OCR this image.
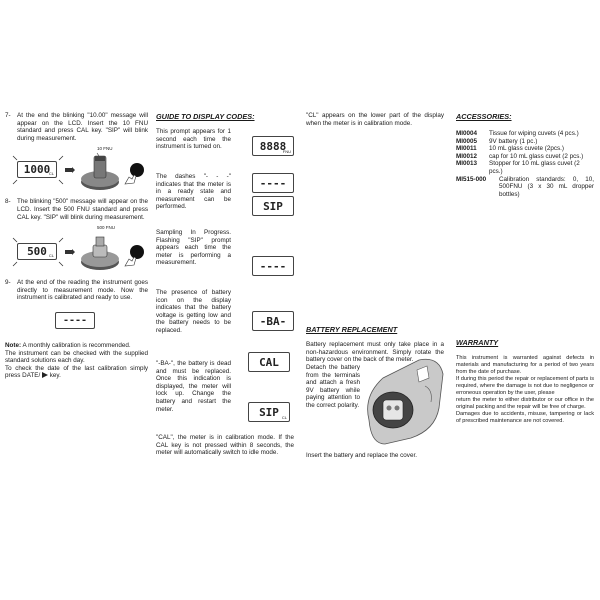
7- At the end the blinking "10.00" message will appear on the LCD. Insert the 10 FNU standard and press CAL key. "SIP" will blink during measurement.

1000
CL
10 FNU
8- The blinking "500" message will appear on the LCD. Insert the 500 FNU standard and press CAL key. "SIP" will blink during measurement.

500 CL
500 FNU
9- At the end of the reading the instrument goes directly to measurement mode. Now the instrument is calibrated and ready to use.

----

Note: A monthly calibration is recommended.

The instrument can be checked with the supplied standard solutions each day.

To check the date of the last calibration simply press DATE/ key.

GUIDE TO DISPLAY CODES:

This prompt appears for 1 second each time the instrument is turned on.	8888
FNU

The dashes "- - -" indicates that the meter is in a ready state and measurement can be performed.

----

Sampling In Progress. Flashing "SIP" prompt appears each time the meter is performing a measurement.

SIP

The presence of battery icon on the display indicates that the battery voltage is getting low and the battery needs to be replaced.

----

"-BA-", the battery is dead and must be replaced. Once this indication is displayed, the meter will lock up. Change the battery and restart the meter.

-BA-

"CAL", the meter is in calibration mode. If the CAL key is not pressed within 8 seconds, the meter will automatically switch to idle mode.

CAL
SIP CL

"CL" appears on the lower part of the display when the meter is in calibration mode.

BATTERY REPLACEMENT

Battery replacement must only take place in a non-hazardous environment. Simply rotate the battery cover on the back of the meter.

Detach the battery from the terminals and attach a fresh 9V battery while paying attention to the correct polarity.

Insert the battery and replace the cover.

ACCESSORIES:

MI0004	Tissue for wiping cuvets (4 pcs.)
MI0005	9V battery (1 pc.)
MI0011	10 mL glass cuvete (2pcs.)
MI0012	cap for 10 mL glass cuvet (2 pcs.)
MI0013	Stopper for 10 mL glass cuvet (2 pcs.)
MI515-000	Calibration standards: 0, 10, 500FNU (3 x 30 mL dropper bottles)

WARRANTY

This instrument is warranted against defects in materials and manufacturing for a period of two years from the date of purchase.

If during this period the repair or replacement of parts is required, where the damage is not due to negligence or erroneous operation by the user, please

return the meter to either distributor or our office in the original packing and the repair will be free of charge.

Damages due to accidents, misuse, tampering or lack of prescribed maintenance are not covered.
